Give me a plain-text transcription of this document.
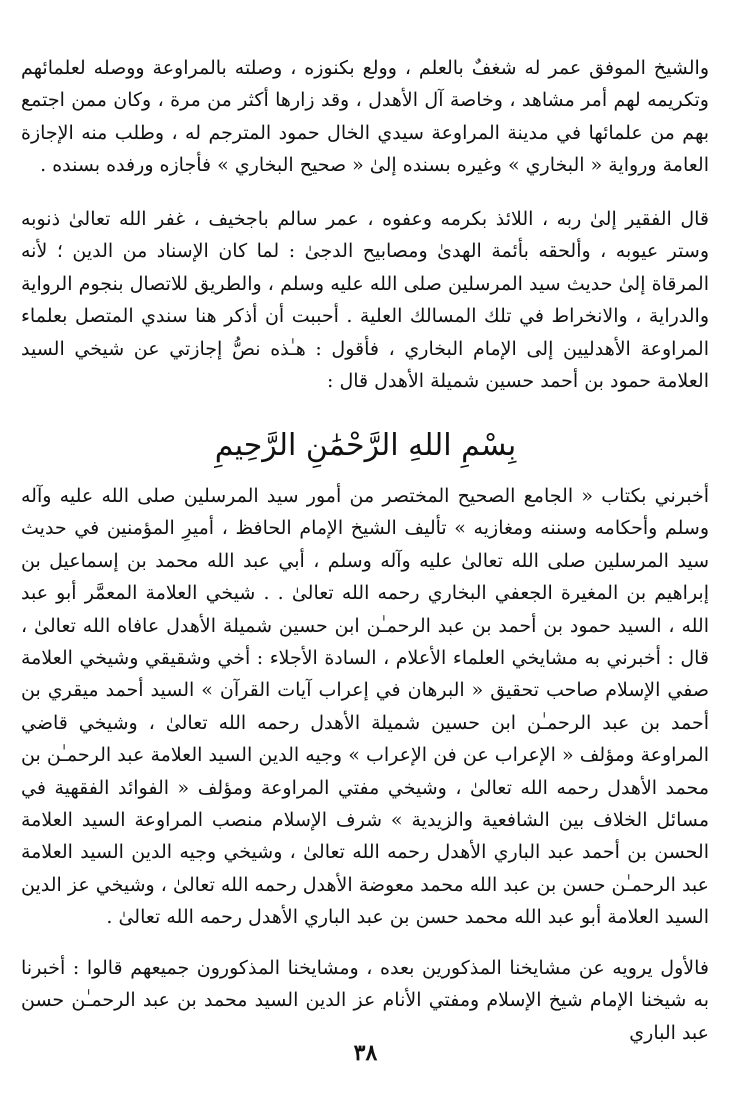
والشيخ الموفق عمر له شغفٌ بالعلم ، وولع بكنوزه ، وصلته بالمراوعة ووصله لعلمائهم وتكريمه لهم أمر مشاهد ، وخاصة آل الأهدل ، وقد زارها أكثر من مرة ، وكان ممن اجتمع بهم من علمائها في مدينة المراوعة سيدي الخال حمود المترجم له ، وطلب منه الإجازة العامة ورواية « البخاري » وغيره بسنده إلىٰ « صحيح البخاري » فأجازه ورفده بسنده .

قال الفقير إلىٰ ربه ، اللائذ بكرمه وعفوه ، عمر سالم باجخيف ، غفر الله تعالىٰ ذنوبه وستر عيوبه ، وألحقه بأئمة الهدىٰ ومصابيح الدجىٰ : لما كان الإسناد من الدين ؛ لأنه المرقاة إلىٰ حديث سيد المرسلين صلى الله عليه وسلم ، والطريق للاتصال بنجوم الرواية والدراية ، والانخراط في تلك المسالك العلية . أحببت أن أذكر هنا سندي المتصل بعلماء المراوعة الأهدليين إلى الإمام البخاري ، فأقول : هـٰذه نصُّ إجازتي عن شيخي السيد العلامة حمود بن أحمد حسين شميلة الأهدل قال :

بِسْمِ اللهِ الرَّحْمَٰنِ الرَّحِيمِ

أخبرني بكتاب « الجامع الصحيح المختصر من أمور سيد المرسلين صلى الله عليه وآله وسلم وأحكامه وسننه ومغازيه » تأليف الشيخ الإمام الحافظ ، أميرِ المؤمنين في حديث سيد المرسلين صلى الله تعالىٰ عليه وآله وسلم ، أبي عبد الله محمد بن إسماعيل بن إبراهيم بن المغيرة الجعفي البخاري رحمه الله تعالىٰ . . شيخي العلامة المعمَّر أبو عبد الله ، السيد حمود بن أحمد بن عبد الرحمـٰن ابن حسين شميلة الأهدل عافاه الله تعالىٰ ، قال : أخبرني به مشايخي العلماء الأعلام ، السادة الأجلاء : أخي وشقيقي وشيخي العلامة صفي الإسلام صاحب تحقيق « البرهان في إعراب آيات القرآن » السيد أحمد ميقري بن أحمد بن عبد الرحمـٰن ابن حسين شميلة الأهدل رحمه الله تعالىٰ ، وشيخي قاضي المراوعة ومؤلف « الإعراب عن فن الإعراب » وجيه الدين السيد العلامة عبد الرحمـٰن بن محمد الأهدل رحمه الله تعالىٰ ، وشيخي مفتي المراوعة ومؤلف « الفوائد الفقهية في مسائل الخلاف بين الشافعية والزيدية » شرف الإسلام منصب المراوعة السيد العلامة الحسن بن أحمد عبد الباري الأهدل رحمه الله تعالىٰ ، وشيخي وجيه الدين السيد العلامة عبد الرحمـٰن حسن بن عبد الله محمد معوضة الأهدل رحمه الله تعالىٰ ، وشيخي عز الدين السيد العلامة أبو عبد الله محمد حسن بن عبد الباري الأهدل رحمه الله تعالىٰ .

فالأول يرويه عن مشايخنا المذكورين بعده ، ومشايخنا المذكورون جميعهم قالوا : أخبرنا به شيخنا الإمام شيخ الإسلام ومفتي الأنام عز الدين السيد محمد بن عبد الرحمـٰن حسن عبد الباري

٣٨
